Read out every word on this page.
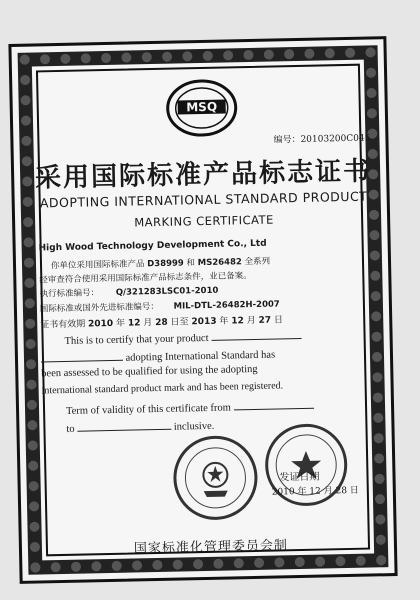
MSQ
编号：20103200C045
采用国际标准产品标志证书
ADOPTING INTERNATIONAL STANDARD PRODUCT
MARKING CERTIFICATE
High Wood Technology Development Co., Ltd
你单位采用国际标准产品 D38999 和 MS26482 全系列
经审查符合使用采用国际标准产品标志条件，业已备案。
执行标准编号： Q/321283LSC01-2010
国际标准或国外先进标准编号： MIL-DTL-26482H-2007
证书有效期 2010 年 12 月 28 日至 2013 年 12 月 27 日
This is to certify that your product
adopting International Standard has
been assessed to be qualified for using the adopting
international standard product mark and has been registered.
Term of validity of this certificate from
to	inclusive.
发证日期
2010 年 12 月 28 日
国家标准化管理委员会制
